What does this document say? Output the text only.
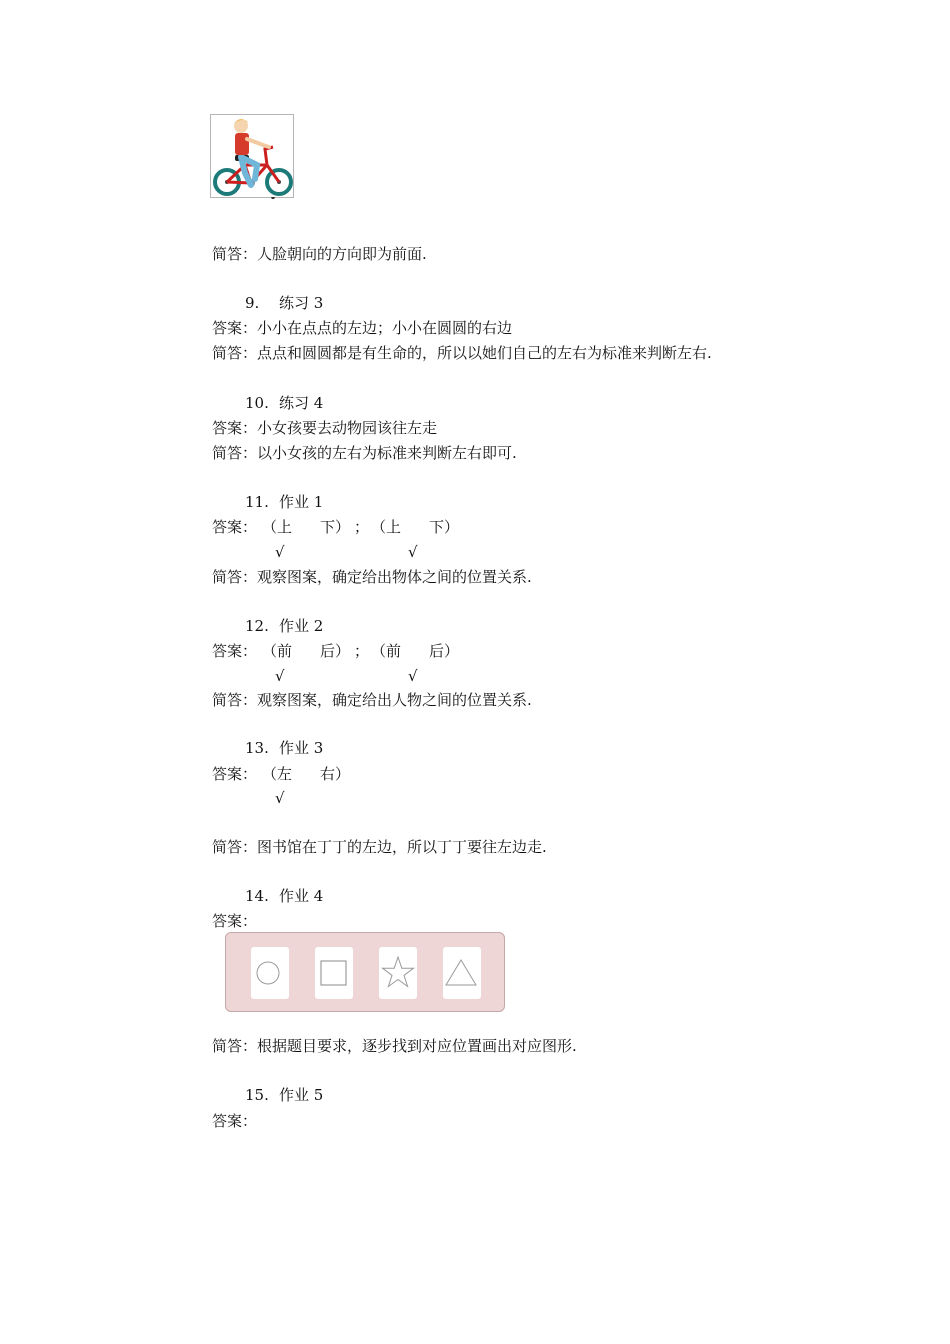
简答：人脸朝向的方向即为前面.
9. 练习 3
答案：小小在点点的左边；小小在圆圆的右边
简答：点点和圆圆都是有生命的，所以以她们自己的左右为标准来判断左右.
10. 练习 4
答案：小女孩要去动物园该往左走
简答：以小女孩的左右为标准来判断左右即可.
11. 作业 1
答案： （上 下） ； （上 下）
√	√
简答：观察图案，确定给出物体之间的位置关系.
12. 作业 2
答案： （前 后） ； （前 后）
√	√
简答：观察图案，确定给出人物之间的位置关系.
13. 作业 3
答案： （左 右）
√
简答：图书馆在丁丁的左边，所以丁丁要往左边走.
14. 作业 4
答案：
简答：根据题目要求，逐步找到对应位置画出对应图形.
15. 作业 5
答案：
